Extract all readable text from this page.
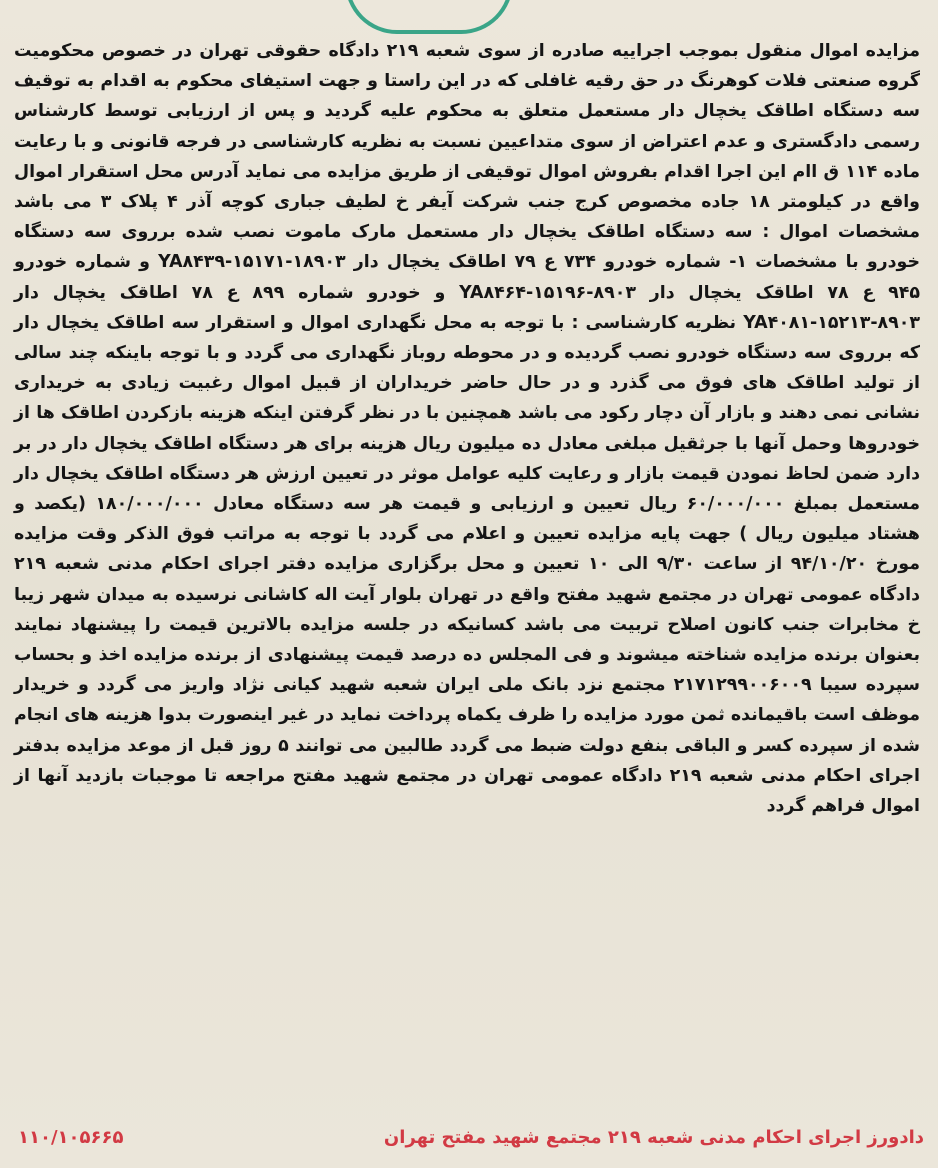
مزایده اموال منقول بموجب اجراییه صادره از سوی شعبه ۲۱۹ دادگاه حقوقی تهران در خصوص محکومیت گروه صنعتی فلات کوهرنگ در حق رقیه غافلی که در این راستا و جهت استیفای محکوم به اقدام به توقیف سه دستگاه اطاقک یخچال دار مستعمل متعلق به محکوم علیه گردید و پس از ارزیابی توسط کارشناس رسمی دادگستری و عدم اعتراض از سوی متداعیین نسبت به نظریه کارشناسی در فرجه قانونی و با رعایت ماده ۱۱۴ ق اام این اجرا اقدام بفروش اموال توقیفی از طریق مزایده می نماید آدرس محل استقرار اموال واقع در کیلومتر ۱۸ جاده مخصوص کرج جنب شرکت آیفر خ لطیف جباری کوچه آذر ۴ پلاک ۳ می باشد مشخصات اموال : سه دستگاه اطاقک یخچال دار مستعمل مارک ماموت نصب شده برروی سه دستگاه خودرو با مشخصات ۱- شماره خودرو ۷۳۴ ع ۷۹ اطاقک یخچال دار YA۸۴۳۹-۱۵۱۷۱-۱۸۹۰۳ و شماره خودرو ۹۴۵ ع ۷۸ اطاقک یخچال دار YA۸۴۶۴-۱۵۱۹۶-۸۹۰۳ و خودرو شماره ۸۹۹ ع ۷۸ اطاقک یخچال دار YA۴۰۸۱-۱۵۲۱۳-۸۹۰۳ نظریه کارشناسی : با توجه به محل نگهداری اموال و استقرار سه اطاقک یخچال دار که برروی سه دستگاه خودرو نصب گردیده و در محوطه روباز نگهداری می گردد و با توجه باینکه چند سالی از تولید اطاقک های فوق می گذرد و در حال حاضر خریداران از قبیل اموال رغبیت زیادی به خریداری نشانی نمی دهند و بازار آن دچار رکود می باشد همچنین با در نظر گرفتن اینکه هزینه بازکردن اطاقک ها از خودروها وحمل آنها با جرثقیل مبلغی معادل ده میلیون ریال هزینه برای هر دستگاه اطاقک یخچال دار در بر دارد ضمن لحاظ نمودن قیمت بازار و رعایت کلیه عوامل موثر در تعیین ارزش هر دستگاه اطاقک یخچال دار مستعمل بمبلغ ۶۰/۰۰۰/۰۰۰ ریال تعیین و ارزیابی و قیمت هر سه دستگاه معادل ۱۸۰/۰۰۰/۰۰۰ (یکصد و هشتاد میلیون ریال ) جهت پایه مزایده تعیین و اعلام می گردد با توجه به مراتب فوق الذکر وقت مزایده مورخ ۹۴/۱۰/۲۰ از ساعت ۹/۳۰ الی ۱۰ تعیین و محل برگزاری مزایده دفتر اجرای احکام مدنی شعبه ۲۱۹ دادگاه عمومی تهران در مجتمع شهید مفتح واقع در تهران بلوار آیت اله کاشانی نرسیده به میدان شهر زیبا خ مخابرات جنب کانون اصلاح تربیت می باشد کسانیکه در جلسه مزایده بالاترین قیمت را پیشنهاد نمایند بعنوان برنده مزایده شناخته میشوند و فی المجلس ده درصد قیمت پیشنهادی از برنده مزایده اخذ و بحساب سپرده سیبا ۲۱۷۱۲۹۹۰۰۶۰۰۹ مجتمع نزد بانک ملی ایران شعبه شهید کیانی نژاد واریز می گردد و خریدار موظف است باقیمانده ثمن مورد مزایده را ظرف یکماه پرداخت نماید در غیر اینصورت بدوا هزینه های انجام شده از سپرده کسر و الباقی بنفع دولت ضبط می گردد طالبین می توانند ۵ روز قبل از موعد مزایده بدفتر اجرای احکام مدنی شعبه ۲۱۹ دادگاه عمومی تهران در مجتمع شهید مفتح مراجعه تا موجبات بازدید آنها از اموال فراهم گردد

دادورز اجرای احکام مدنی شعبه ۲۱۹ مجتمع شهید مفتح تهران
۱۱۰/۱۰۵۶۶۵
